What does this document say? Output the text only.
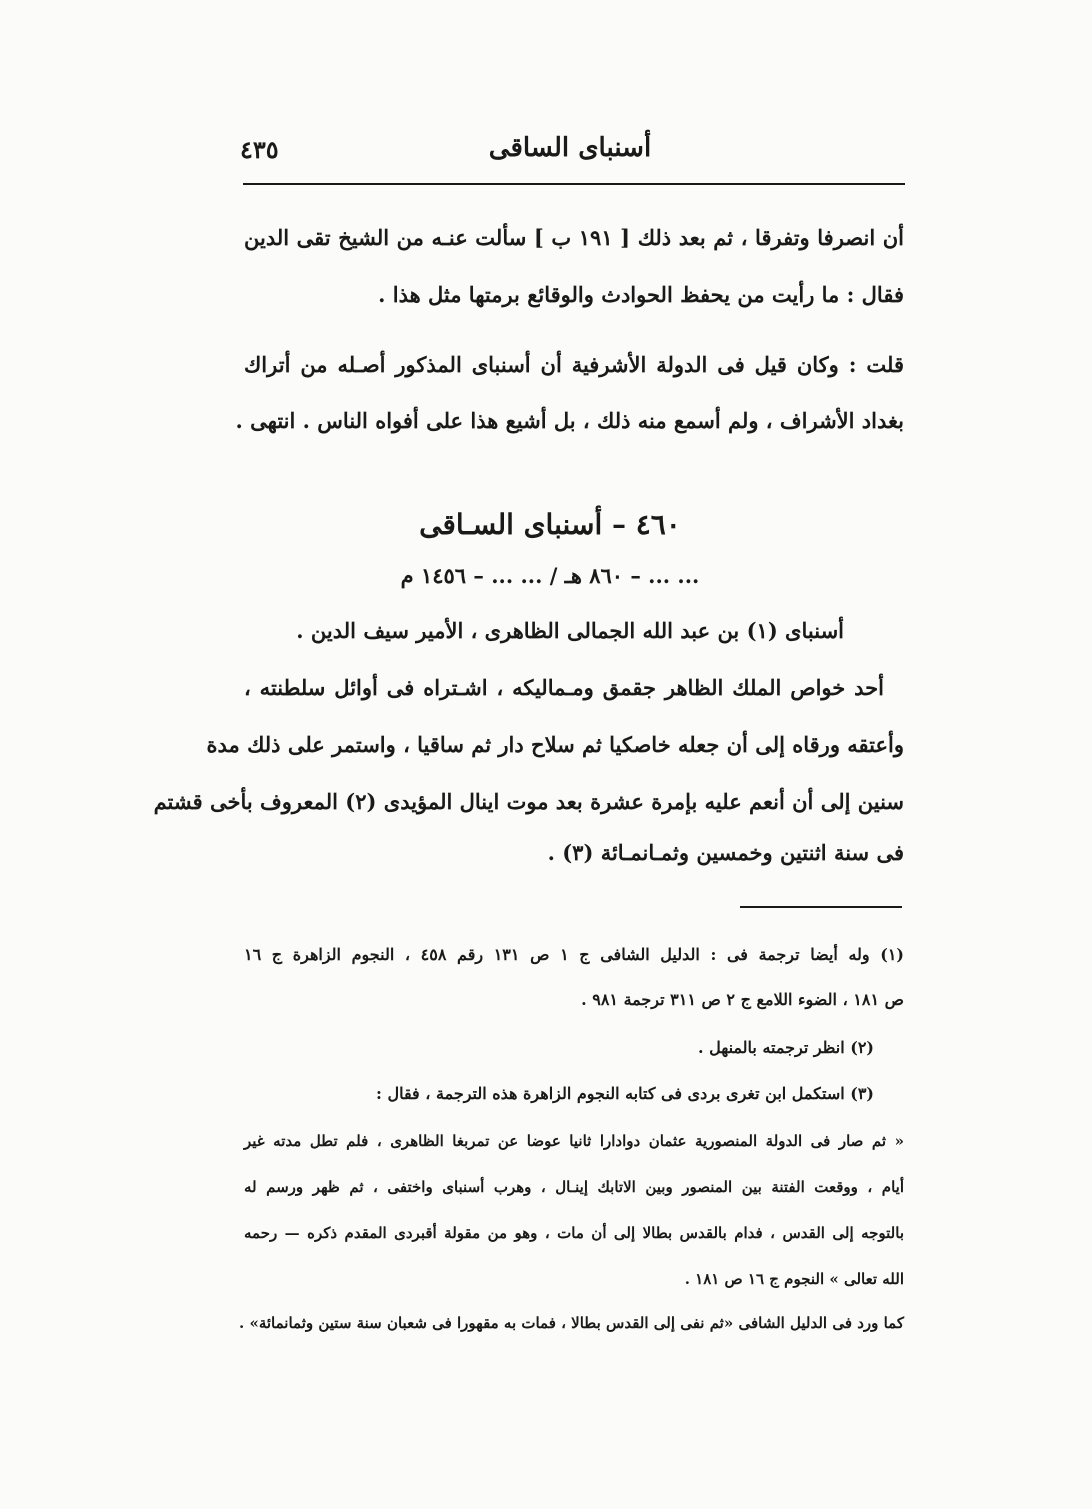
أسنبای الساقی
٤٣٥
أن انصرفا وتفرقا ، ثم بعد ذلك [ ١٩١ ب ] سألت عنـه من الشيخ تقى الدين
فقال : ما رأيت من يحفظ الحوادث والوقائع برمتها مثل هذا .
قلت : وكان قيل فى الدولة الأشرفية أن أسنباى المذكور أصـله من أتراك
بغداد الأشراف ، ولم أسمع منه ذلك ، بل أشيع هذا على أفواه الناس . انتهى .
٤٦٠ – أسنباى السـاقى
... ... – ٨٦٠ هـ / ... ... – ١٤٥٦ م
أسنباى (١) بن عبد الله الجمالى الظاهرى ، الأمير سيف الدين .
أحد خواص الملك الظاهر جقمق ومـماليكه ، اشـتراه فى أوائل سلطنته ،
وأعتقه ورقاه إلى أن جعله خاصكيا ثم سلاح دار ثم ساقيا ، واستمر على ذلك مدة
سنين إلى أن أنعم عليه بإمرة عشرة بعد موت اينال المؤيدى (٢) المعروف بأخى قشتم
فى سنة اثنتين وخمسين وثمـانمـائة (٣) .
(١) وله أيضا ترجمة فى : الدليل الشافى ج ١ ص ١٣١ رقم ٤٥٨ ، النجوم الزاهرة ج ١٦
ص ١٨١ ، الضوء اللامع ج ٢ ص ٣١١ ترجمة ٩٨١ .
(٢) انظر ترجمته بالمنهل .
(٣) استكمل ابن تغرى بردى فى كتابه النجوم الزاهرة هذه الترجمة ، فقال :
« ثم صار فى الدولة المنصورية عثمان دوادارا ثانيا عوضا عن تمربغا الظاهرى ، فلم تطل مدته غير
أيام ، ووقعت الفتنة بين المنصور وبين الاتابك إينـال ، وهرب أسنباى واختفى ، ثم ظهر ورسم له
بالتوجه إلى القدس ، فدام بالقدس بطالا إلى أن مات ، وهو من مقولة أقبردى المقدم ذكره — رحمه
الله تعالى » النجوم ج ١٦ ص ١٨١ .
كما ورد فى الدليل الشافى «ثم نفى إلى القدس بطالا ، فمات به مقهورا فى شعبان سنة ستين وثمانمائة» .
